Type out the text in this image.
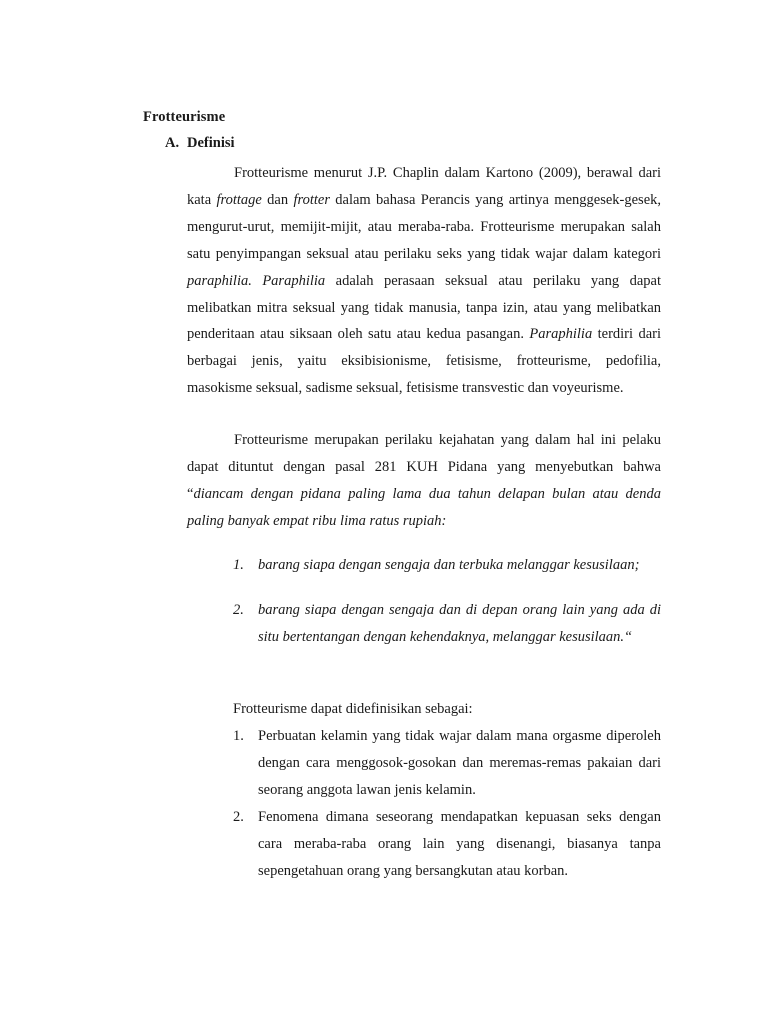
Frotteurisme
A. Definisi
Frotteurisme menurut J.P. Chaplin dalam Kartono (2009), berawal dari kata frottage dan frotter dalam bahasa Perancis yang artinya menggesek-gesek, mengurut-urut, memijit-mijit, atau meraba-raba. Frotteurisme merupakan salah satu penyimpangan seksual atau perilaku seks yang tidak wajar dalam kategori paraphilia. Paraphilia adalah perasaan seksual atau perilaku yang dapat melibatkan mitra seksual yang tidak manusia, tanpa izin, atau yang melibatkan penderitaan atau siksaan oleh satu atau kedua pasangan. Paraphilia terdiri dari berbagai jenis, yaitu eksibisionisme, fetisisme, frotteurisme, pedofilia, masokisme seksual, sadisme seksual, fetisisme transvestic dan voyeurisme.
Frotteurisme merupakan perilaku kejahatan yang dalam hal ini pelaku dapat dituntut dengan pasal 281 KUH Pidana yang menyebutkan bahwa “diancam dengan pidana paling lama dua tahun delapan bulan atau denda paling banyak empat ribu lima ratus rupiah:
1. barang siapa dengan sengaja dan terbuka melanggar kesusilaan;
2. barang siapa dengan sengaja dan di depan orang lain yang ada di situ bertentangan dengan kehendaknya, melanggar kesusilaan.“
Frotteurisme dapat didefinisikan sebagai:
1. Perbuatan kelamin yang tidak wajar dalam mana orgasme diperoleh dengan cara menggosok-gosokan dan meremas-remas pakaian dari seorang anggota lawan jenis kelamin.
2. Fenomena dimana seseorang mendapatkan kepuasan seks dengan cara meraba-raba orang lain yang disenangi, biasanya tanpa sepengetahuan orang yang bersangkutan atau korban.
